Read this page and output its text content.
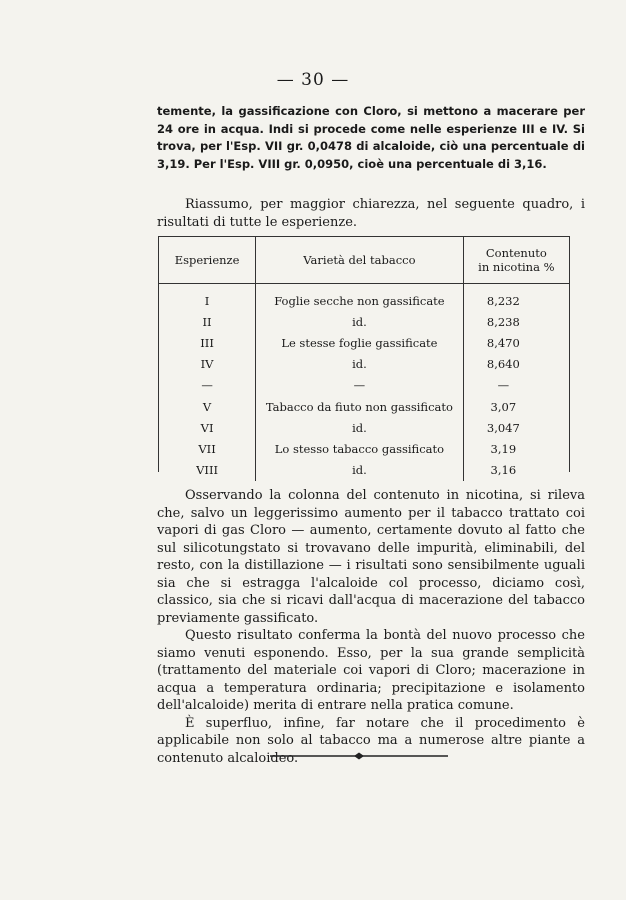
— 30 —

temente, la gassificazione con Cloro, si mettono a macerare per 24 ore in acqua. Indi si procede come nelle esperienze III e IV. Si trova, per l'Esp. VII gr. 0,0478 di alcaloide, ciò una percentuale di 3,19. Per l'Esp. VIII gr. 0,0950, cioè una percentuale di 3,16.

Riassumo, per maggior chiarezza, nel seguente quadro, i risultati di tutte le esperienze.

Esperienze	Varietà del tabacco	Contenuto
in nicotina %
I	Foglie secche non gassificate	8,232
II	id.	8,238
III	Le stesse foglie gassificate	8,470
IV	id.	8,640
—	—	—
V	Tabacco da fiuto non gassificato	3,07
VI	id.	3,047
VII	Lo stesso tabacco gassificato	3,19
VIII	id.	3,16

Osservando la colonna del contenuto in nicotina, si rileva che, salvo un leggerissimo aumento per il tabacco trattato coi vapori di gas Cloro — aumento, certamente dovuto al fatto che sul silicotungstato si trovavano delle impurità, eliminabili, del resto, con la distillazione — i risultati sono sensibilmente uguali sia che si estragga l'alcaloide col processo, diciamo così, classico, sia che si ricavi dall'acqua di macerazione del tabacco previamente gassificato.

Questo risultato conferma la bontà del nuovo processo che siamo venuti esponendo. Esso, per la sua grande semplicità (trattamento del materiale coi vapori di Cloro; macerazione in acqua a temperatura ordinaria; precipitazione e isolamento dell'alcaloide) merita di entrare nella pratica comune.

È superfluo, infine, far notare che il procedimento è applicabile non solo al tabacco ma a numerose altre piante a contenuto alcaloideo.
